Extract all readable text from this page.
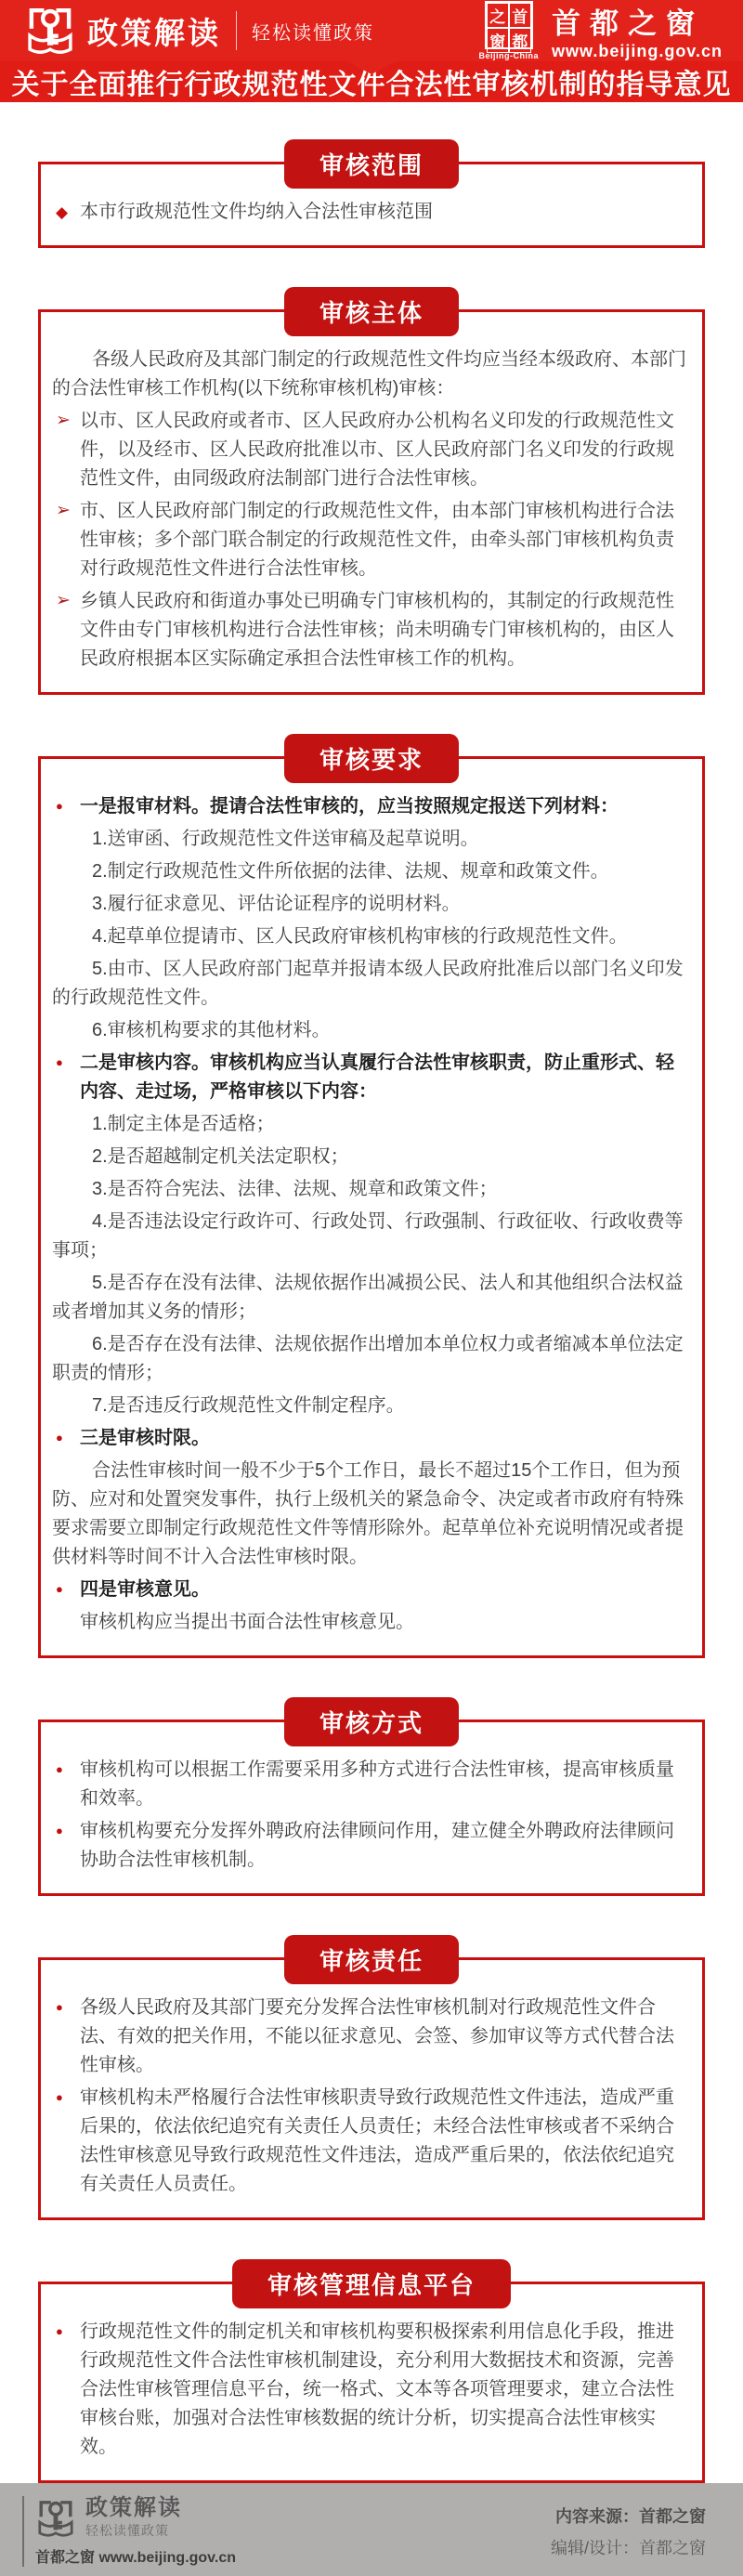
政策解读 轻松读懂政策
之 首
窗 都
Beijing-China
首都之窗
www.beijing.gov.cn
关于全面推行行政规范性文件合法性审核机制的指导意见
审核范围
◆ 本市行政规范性文件均纳入合法性审核范围

审核主体

各级人民政府及其部门制定的行政规范性文件均应当经本级政府、本部门的合法性审核工作机构(以下统称审核机构)审核：

➢ 以市、区人民政府或者市、区人民政府办公机构名义印发的行政规范性文件，以及经市、区人民政府批准以市、区人民政府部门名义印发的行政规范性文件，由同级政府法制部门进行合法性审核。

➢ 市、区人民政府部门制定的行政规范性文件，由本部门审核机构进行合法性审核；多个部门联合制定的行政规范性文件，由牵头部门审核机构负责对行政规范性文件进行合法性审核。

➢ 乡镇人民政府和街道办事处已明确专门审核机构的，其制定的行政规范性文件由专门审核机构进行合法性审核；尚未明确专门审核机构的，由区人民政府根据本区实际确定承担合法性审核工作的机构。

审核要求
● 一是报审材料。提请合法性审核的，应当按照规定报送下列材料：

1.送审函、行政规范性文件送审稿及起草说明。

2.制定行政规范性文件所依据的法律、法规、规章和政策文件。

3.履行征求意见、评估论证程序的说明材料。

4.起草单位提请市、区人民政府审核机构审核的行政规范性文件。

5.由市、区人民政府部门起草并报请本级人民政府批准后以部门名义印发的行政规范性文件。

6.审核机构要求的其他材料。

● 二是审核内容。审核机构应当认真履行合法性审核职责，防止重形式、轻内容、走过场，严格审核以下内容：

1.制定主体是否适格；

2.是否超越制定机关法定职权；

3.是否符合宪法、法律、法规、规章和政策文件；

4.是否违法设定行政许可、行政处罚、行政强制、行政征收、行政收费等事项；

5.是否存在没有法律、法规依据作出减损公民、法人和其他组织合法权益或者增加其义务的情形；

6.是否存在没有法律、法规依据作出增加本单位权力或者缩减本单位法定职责的情形；

7.是否违反行政规范性文件制定程序。

● 三是审核时限。

合法性审核时间一般不少于5个工作日，最长不超过15个工作日，但为预防、应对和处置突发事件，执行上级机关的紧急命令、决定或者市政府有特殊要求需要立即制定行政规范性文件等情形除外。起草单位补充说明情况或者提供材料等时间不计入合法性审核时限。

● 四是审核意见。

审核机构应当提出书面合法性审核意见。

审核方式
● 审核机构可以根据工作需要采用多种方式进行合法性审核，提高审核质量和效率。

● 审核机构要充分发挥外聘政府法律顾问作用，建立健全外聘政府法律顾问协助合法性审核机制。

审核责任
● 各级人民政府及其部门要充分发挥合法性审核机制对行政规范性文件合法、有效的把关作用，不能以征求意见、会签、参加审议等方式代替合法性审核。

● 审核机构未严格履行合法性审核职责导致行政规范性文件违法，造成严重后果的，依法依纪追究有关责任人员责任；未经合法性审核或者不采纳合法性审核意见导致行政规范性文件违法，造成严重后果的，依法依纪追究有关责任人员责任。

审核管理信息平台
● 行政规范性文件的制定机关和审核机构要积极探索利用信息化手段，推进行政规范性文件合法性审核机制建设，充分利用大数据技术和资源，完善合法性审核管理信息平台，统一格式、文本等各项管理要求，建立合法性审核台账，加强对合法性审核数据的统计分析，切实提高合法性审核实效。

政策解读
轻松读懂政策
首都之窗 www.beijing.gov.cn
内容来源：首都之窗
编辑/设计：首都之窗
